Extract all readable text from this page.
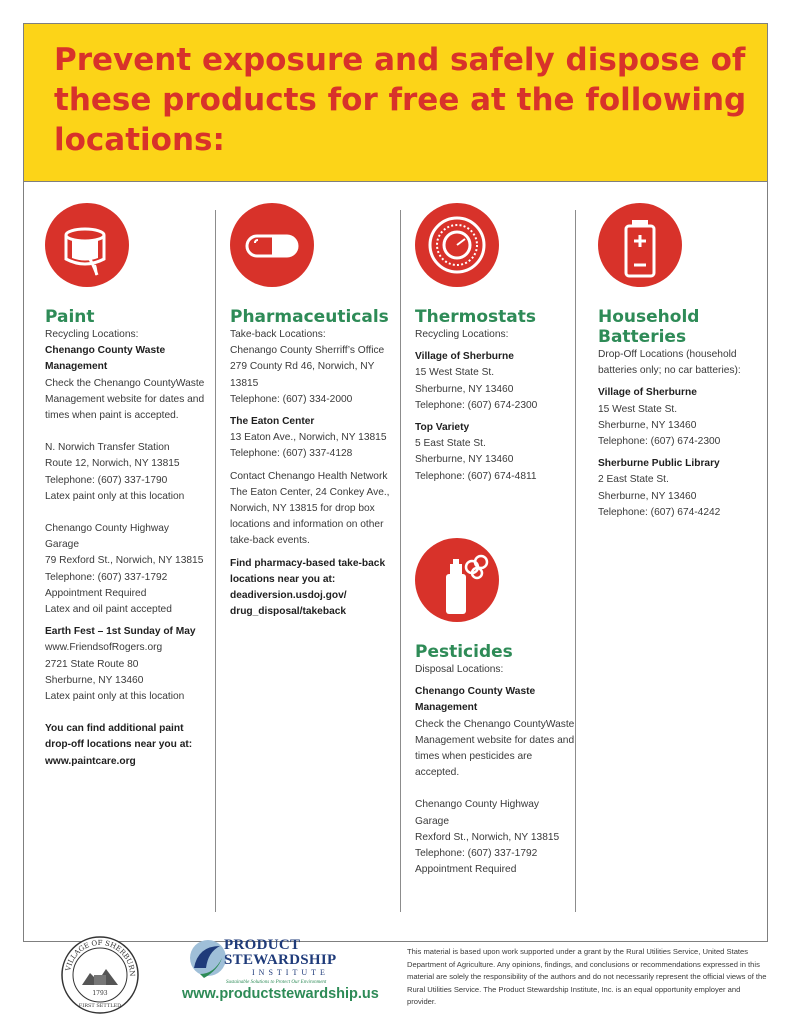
Prevent exposure and safely dispose of these products for free at the following locations:
Paint
Recycling Locations:
Chenango County Waste Management
Check the Chenango CountyWaste Management website for dates and times when paint is accepted.
N. Norwich Transfer Station
Route 12, Norwich, NY 13815
Telephone: (607) 337-1790
Latex paint only at this location
Chenango County Highway Garage
79 Rexford St., Norwich, NY 13815
Telephone: (607) 337-1792
Appointment Required
Latex and oil paint accepted
Earth Fest – 1st Sunday of May
www.FriendsofRogers.org
2721 State Route 80
Sherburne, NY 13460
Latex paint only at this location
You can find additional paint drop-off locations near you at: www.paintcare.org
Pharmaceuticals
Take-back Locations:
Chenango County Sherriff’s Office
279 County Rd 46, Norwich, NY 13815
Telephone: (607) 334-2000
The Eaton Center
13 Eaton Ave., Norwich, NY 13815
Telephone: (607) 337-4128
Contact Chenango Health Network The Eaton Center, 24 Conkey Ave., Norwich, NY 13815 for drop box locations and information on other take-back events.
Find pharmacy-based take-back locations near you at: deadiversion.usdoj.gov/ drug_disposal/takeback
Thermostats
Recycling Locations:
Village of Sherburne
15 West State St.
Sherburne, NY 13460
Telephone: (607) 674-2300
Top Variety
5 East State St.
Sherburne, NY 13460
Telephone: (607) 674-4811
Pesticides
Disposal Locations:
Chenango County Waste Management
Check the Chenango CountyWaste Management website for dates and times when pesticides are accepted.
Chenango County Highway Garage
Rexford St., Norwich, NY 13815
Telephone: (607) 337-1792
Appointment Required
Household Batteries
Drop-Off Locations (household batteries only; no car batteries):
Village of Sherburne
15 West State St.
Sherburne, NY 13460
Telephone: (607) 674-2300
Sherburne Public Library
2 East State St.
Sherburne, NY 13460
Telephone: (607) 674-4242
VILLAGE OF SHERBURN
1793
FIRST SETTLED
PRODUCT
STEWARDSHIP
INSTITUTE
Sustainable Solutions to Protect Our Environment
www.productstewardship.us
This material is based upon work supported under a grant by the Rural Utilities Service, United States Department of Agriculture. Any opinions, findings, and conclusions or recommendations expressed in this material are solely the responsibility of the authors and do not necessarily represent the official views of the Rural Utilities Service. The Product Stewardship Institute, Inc. is an equal opportunity employer and provider.
